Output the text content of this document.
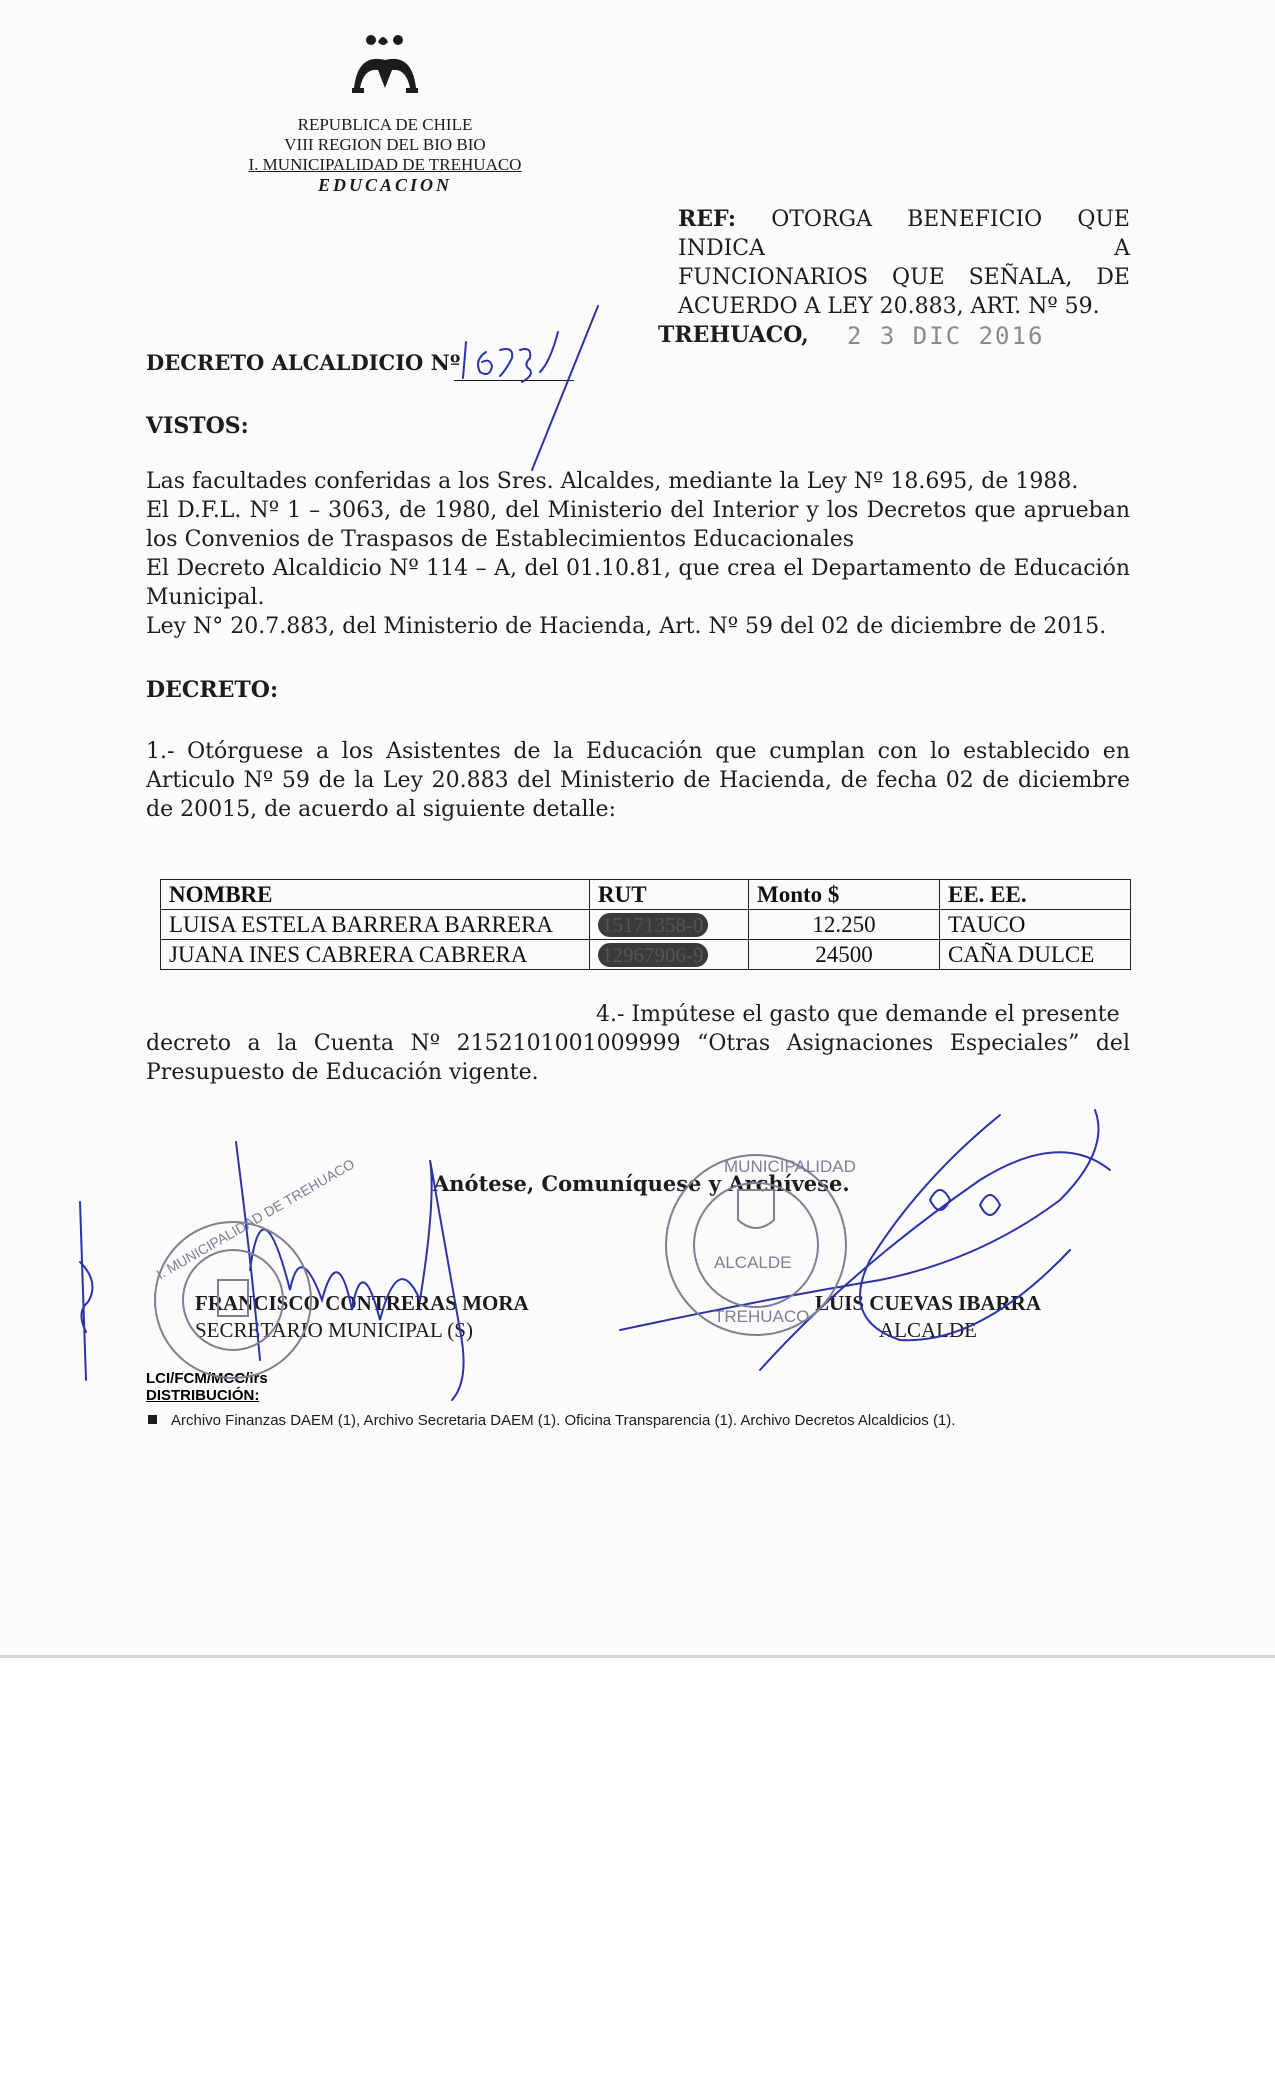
REPUBLICA DE CHILE
VIII REGION DEL BIO BIO
I. MUNICIPALIDAD DE TREHUACO
EDUCACION
REF: OTORGA BENEFICIO QUE INDICA A
FUNCIONARIOS QUE SEÑALA, DE
ACUERDO A LEY 20.883, ART. Nº 59.
TREHUACO, 2 3 DIC 2016
DECRETO ALCALDICIO Nº
VISTOS:

Las facultades conferidas a los Sres. Alcaldes, mediante la Ley Nº 18.695, de 1988.

El D.F.L. Nº 1 – 3063, de 1980, del Ministerio del Interior y los Decretos que aprueban los Convenios de Traspasos de Establecimientos Educacionales

El Decreto Alcaldicio Nº 114 – A, del 01.10.81, que crea el Departamento de Educación Municipal.

Ley N° 20.7.883, del Ministerio de Hacienda, Art. Nº 59 del 02 de diciembre de 2015.

DECRETO:
1.- Otórguese a los Asistentes de la Educación que cumplan con lo establecido en Articulo Nº 59 de la Ley 20.883 del Ministerio de Hacienda, de fecha 02 de diciembre de 20015, de acuerdo al siguiente detalle:
NOMBRE	RUT	Monto $	EE. EE.
LUISA ESTELA BARRERA BARRERA	15171358-0	12.250	TAUCO
JUANA INES CABRERA CABRERA	12967906-9	24500	CAÑA DULCE
4.- Impútese el gasto que demande el presente
decreto a la Cuenta Nº 2152101001009999 “Otras Asignaciones Especiales” del Presupuesto de Educación vigente.
Anótese, Comuníquese y Archívese.
FRANCISCO CONTRERAS MORA
SECRETARIO MUNICIPAL (S)
LUIS CUEVAS IBARRA
ALCALDE
LCI/FCM/MCC/irs
DISTRIBUCIÓN:
Archivo Finanzas DAEM (1), Archivo Secretaria DAEM (1). Oficina Transparencia (1). Archivo Decretos Alcaldicios (1).
I. MUNICIPALIDAD DE TREHUACO	MUNICIPALIDAD
ALCALDE
TREHUACO
